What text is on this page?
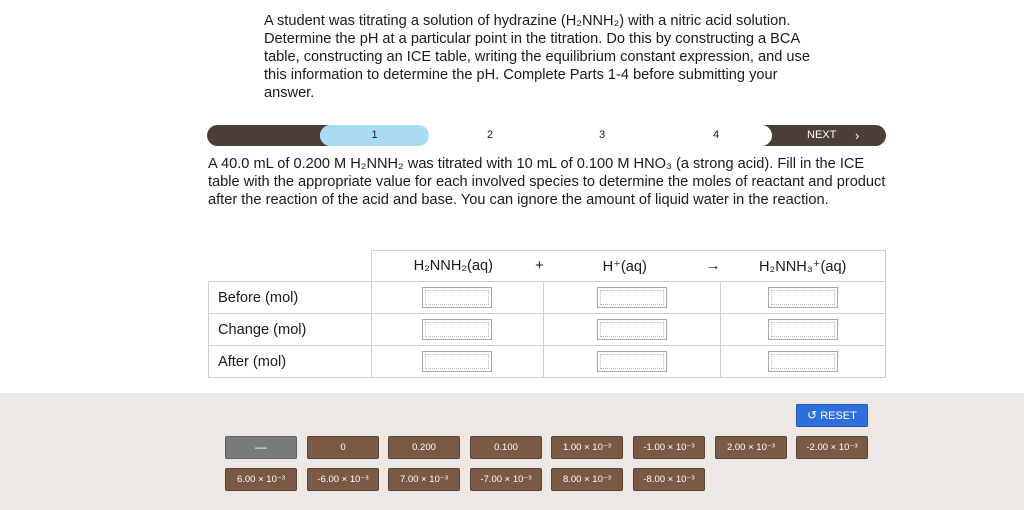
A student was titrating a solution of hydrazine (H₂NNH₂) with a nitric acid solution. Determine the pH at a particular point in the titration. Do this by constructing a BCA table, constructing an ICE table, writing the equilibrium constant expression, and use this information to determine the pH. Complete Parts 1-4 before submitting your answer.

1	2	3	4	NEXT ›

A 40.0 mL of 0.200 M H₂NNH₂ was titrated with 10 mL of 0.100 M HNO₃ (a strong acid). Fill in the ICE table with the appropriate value for each involved species to determine the moles of reactant and product after the reaction of the acid and base. You can ignore the amount of liquid water in the reaction.

	H₂NNH₂(aq)	+	H⁺(aq)	→	H₂NNH₃⁺(aq)
Before (mol)					
Change (mol)					
After (mol)					
↺ RESET
—	0	0.200	0.100	1.00 × 10⁻³	-1.00 × 10⁻³	2.00 × 10⁻³	-2.00 × 10⁻³
6.00 × 10⁻³	-6.00 × 10⁻³	7.00 × 10⁻³	-7.00 × 10⁻³	8.00 × 10⁻³	-8.00 × 10⁻³
